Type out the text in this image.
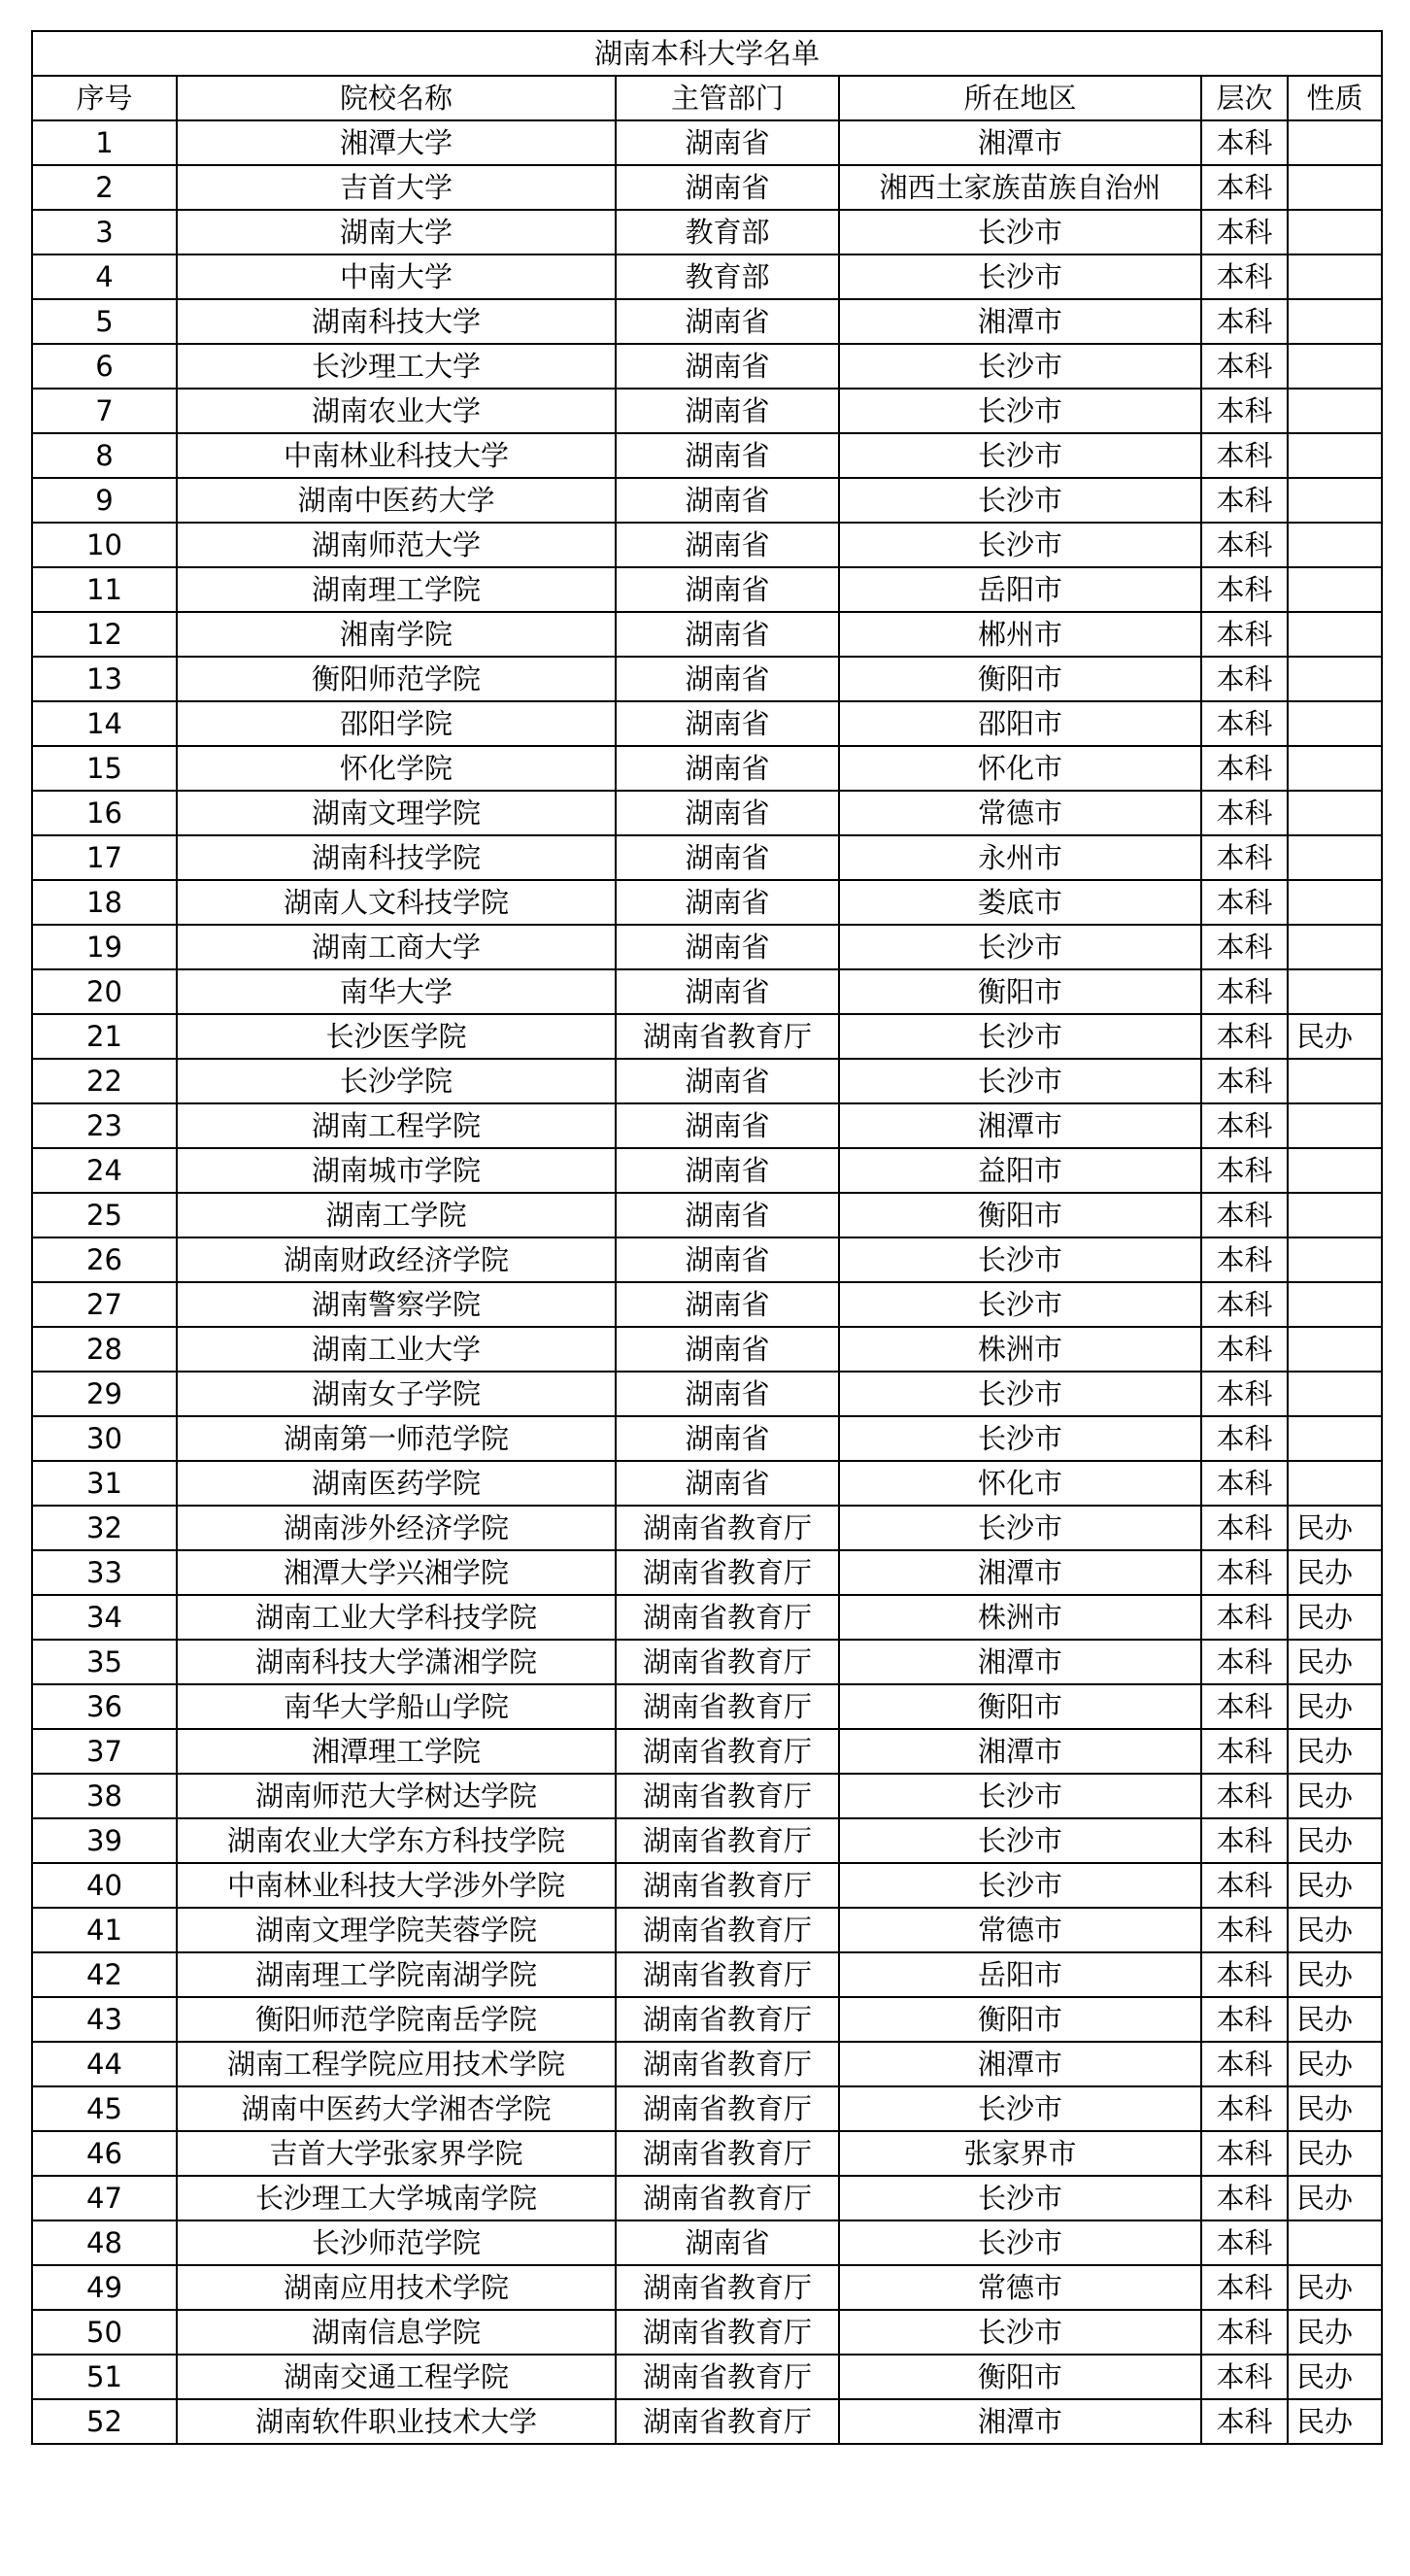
湖南本科大学名单					
序号	院校名称	主管部门	所在地区	层次	性质
1	湘潭大学	湖南省	湘潭市	本科	
2	吉首大学	湖南省	湘西土家族苗族自治州	本科	
3	湖南大学	教育部	长沙市	本科	
4	中南大学	教育部	长沙市	本科	
5	湖南科技大学	湖南省	湘潭市	本科	
6	长沙理工大学	湖南省	长沙市	本科	
7	湖南农业大学	湖南省	长沙市	本科	
8	中南林业科技大学	湖南省	长沙市	本科	
9	湖南中医药大学	湖南省	长沙市	本科	
10	湖南师范大学	湖南省	长沙市	本科	
11	湖南理工学院	湖南省	岳阳市	本科	
12	湘南学院	湖南省	郴州市	本科	
13	衡阳师范学院	湖南省	衡阳市	本科	
14	邵阳学院	湖南省	邵阳市	本科	
15	怀化学院	湖南省	怀化市	本科	
16	湖南文理学院	湖南省	常德市	本科	
17	湖南科技学院	湖南省	永州市	本科	
18	湖南人文科技学院	湖南省	娄底市	本科	
19	湖南工商大学	湖南省	长沙市	本科	
20	南华大学	湖南省	衡阳市	本科	
21	长沙医学院	湖南省教育厅	长沙市	本科	民办
22	长沙学院	湖南省	长沙市	本科	
23	湖南工程学院	湖南省	湘潭市	本科	
24	湖南城市学院	湖南省	益阳市	本科	
25	湖南工学院	湖南省	衡阳市	本科	
26	湖南财政经济学院	湖南省	长沙市	本科	
27	湖南警察学院	湖南省	长沙市	本科	
28	湖南工业大学	湖南省	株洲市	本科	
29	湖南女子学院	湖南省	长沙市	本科	
30	湖南第一师范学院	湖南省	长沙市	本科	
31	湖南医药学院	湖南省	怀化市	本科	
32	湖南涉外经济学院	湖南省教育厅	长沙市	本科	民办
33	湘潭大学兴湘学院	湖南省教育厅	湘潭市	本科	民办
34	湖南工业大学科技学院	湖南省教育厅	株洲市	本科	民办
35	湖南科技大学潇湘学院	湖南省教育厅	湘潭市	本科	民办
36	南华大学船山学院	湖南省教育厅	衡阳市	本科	民办
37	湘潭理工学院	湖南省教育厅	湘潭市	本科	民办
38	湖南师范大学树达学院	湖南省教育厅	长沙市	本科	民办
39	湖南农业大学东方科技学院	湖南省教育厅	长沙市	本科	民办
40	中南林业科技大学涉外学院	湖南省教育厅	长沙市	本科	民办
41	湖南文理学院芙蓉学院	湖南省教育厅	常德市	本科	民办
42	湖南理工学院南湖学院	湖南省教育厅	岳阳市	本科	民办
43	衡阳师范学院南岳学院	湖南省教育厅	衡阳市	本科	民办
44	湖南工程学院应用技术学院	湖南省教育厅	湘潭市	本科	民办
45	湖南中医药大学湘杏学院	湖南省教育厅	长沙市	本科	民办
46	吉首大学张家界学院	湖南省教育厅	张家界市	本科	民办
47	长沙理工大学城南学院	湖南省教育厅	长沙市	本科	民办
48	长沙师范学院	湖南省	长沙市	本科	
49	湖南应用技术学院	湖南省教育厅	常德市	本科	民办
50	湖南信息学院	湖南省教育厅	长沙市	本科	民办
51	湖南交通工程学院	湖南省教育厅	衡阳市	本科	民办
52	湖南软件职业技术大学	湖南省教育厅	湘潭市	本科	民办
